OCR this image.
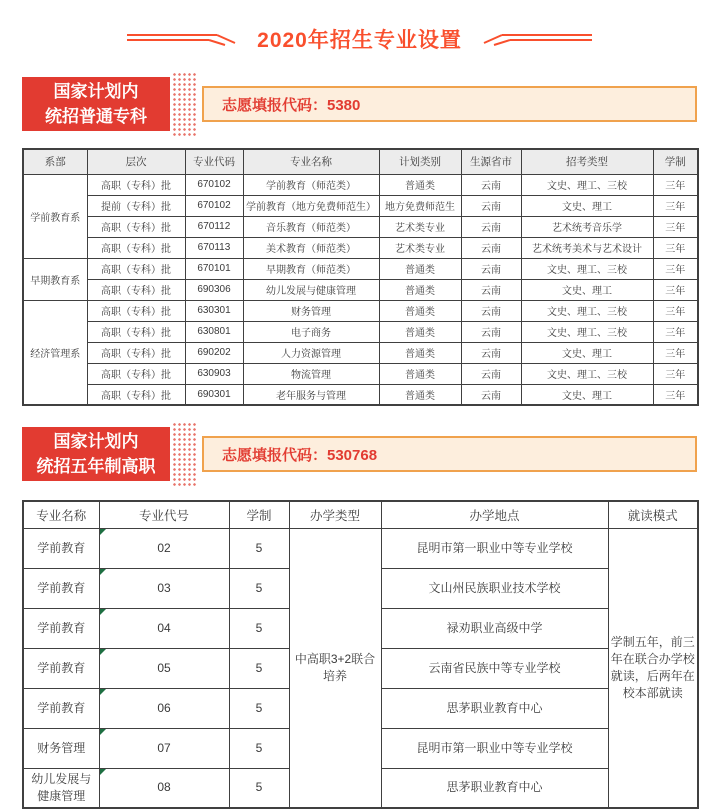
2020年招生专业设置
国家计划内
统招普通专科
志愿填报代码：5380
系部	层次	专业代码	专业名称	计划类别	生源省市	招考类型	学制
学前教育系	高职（专科）批	670102	学前教育（师范类）	普通类	云南	文史、理工、三校	三年
	提前（专科）批	670102	学前教育（地方免费师范生）	地方免费师范生	云南	文史、理工	三年
	高职（专科）批	670112	音乐教育（师范类）	艺术类专业	云南	艺术统考音乐学	三年
	高职（专科）批	670113	美术教育（师范类）	艺术类专业	云南	艺术统考美术与艺术设计	三年
早期教育系	高职（专科）批	670101	早期教育（师范类）	普通类	云南	文史、理工、三校	三年
	高职（专科）批	690306	幼儿发展与健康管理	普通类	云南	文史、理工	三年
经济管理系	高职（专科）批	630301	财务管理	普通类	云南	文史、理工、三校	三年
	高职（专科）批	630801	电子商务	普通类	云南	文史、理工、三校	三年
	高职（专科）批	690202	人力资源管理	普通类	云南	文史、理工	三年
	高职（专科）批	630903	物流管理	普通类	云南	文史、理工、三校	三年
	高职（专科）批	690301	老年服务与管理	普通类	云南	文史、理工	三年
国家计划内
统招五年制高职
志愿填报代码：530768
专业名称	专业代号	学制	办学类型	办学地点	就读模式
学前教育	02	5	中高职3+2联合培养	昆明市第一职业中等专业学校	学制五年，前三年在联合办学校就读，后两年在校本部就读
学前教育	03	5		文山州民族职业技术学校	
学前教育	04	5		禄劝职业高级中学	
学前教育	05	5		云南省民族中等专业学校	
学前教育	06	5		思茅职业教育中心	
财务管理	07	5		昆明市第一职业中等专业学校	
幼儿发展与健康管理	08	5		思茅职业教育中心	
